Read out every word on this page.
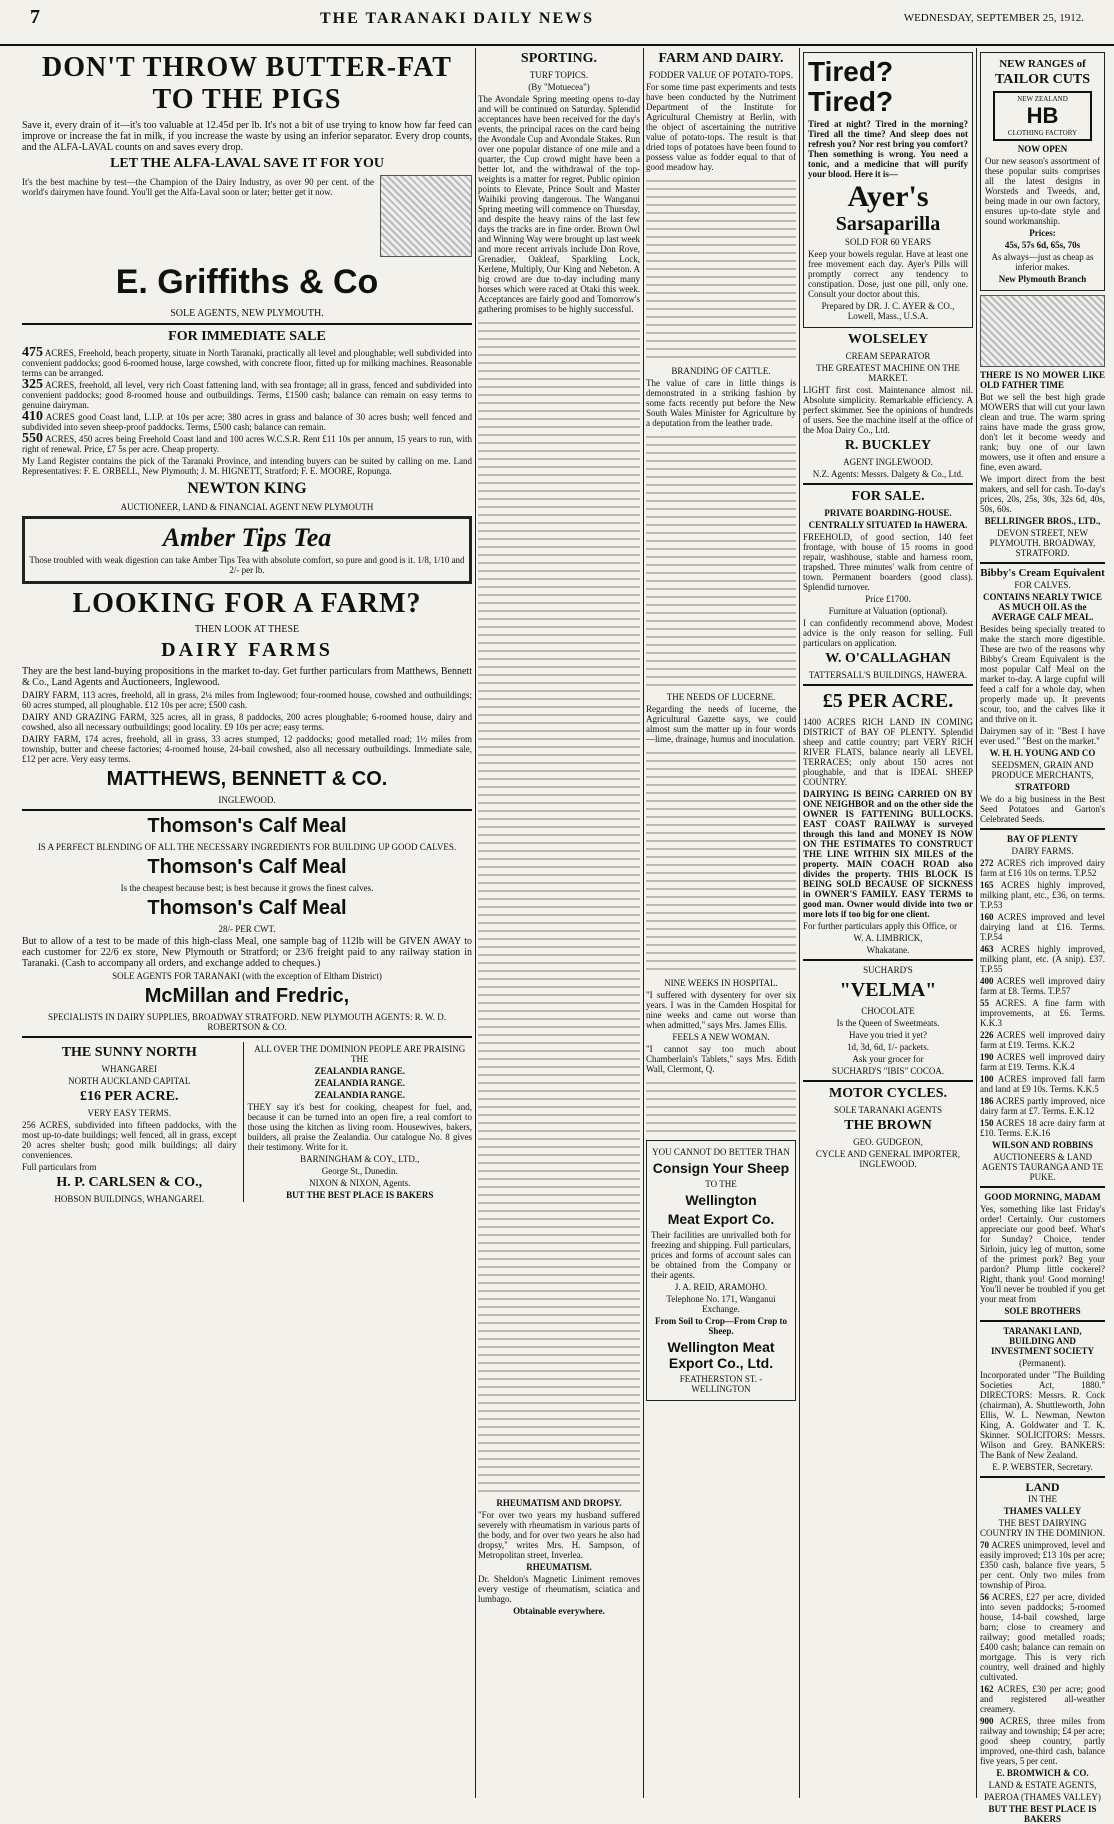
7	THE TARANAKI DAILY NEWS	WEDNESDAY, SEPTEMBER 25, 1912.
DON'T THROW BUTTER-FAT TO THE PIGS
Save it, every drain of it—it's too valuable at 12.45d per lb. It's not a bit of use trying to know how far feed can improve or increase the fat in milk, if you increase the waste by using an inferior separator. Every drop counts, and the ALFA-LAVAL counts on and saves every drop.
LET THE ALFA-LAVAL SAVE IT FOR YOU
It's the best machine by test—the Champion of the Dairy Industry, as over 90 per cent. of the world's dairymen have found. You'll get the Alfa-Laval soon or later; better get it now.
E. Griffiths & Co
SOLE AGENTS, NEW PLYMOUTH.
FOR IMMEDIATE SALE
475 ACRES, Freehold, beach property, situate in North Taranaki, practically all level and ploughable; well subdivided into convenient paddocks; good 6-roomed house, large cowshed, with concrete floor, fitted up for milking machines. Reasonable terms can be arranged.
325 ACRES, freehold, all level, very rich Coast fattening land, with sea frontage; all in grass, fenced and subdivided into convenient paddocks; good 8-roomed house and outbuildings. Terms, £1500 cash; balance can remain on easy terms to genuine dairyman.
410 ACRES good Coast land, L.I.P. at 10s per acre; 380 acres in grass and balance of 30 acres bush; well fenced and subdivided into seven sheep-proof paddocks. Terms, £500 cash; balance can remain.
550 ACRES, 450 acres being Freehold Coast land and 100 acres W.C.S.R. Rent £11 10s per annum, 15 years to run, with right of renewal. Price, £7 5s per acre. Cheap property.
My Land Register contains the pick of the Taranaki Province, and intending buyers can be suited by calling on me. Land Representatives: F. E. ORBELL, New Plymouth; J. M. HIGNETT, Stratford; F. E. MOORE, Ropunga.
NEWTON KING
AUCTIONEER, LAND & FINANCIAL AGENT NEW PLYMOUTH
Amber Tips Tea
Those troubled with weak digestion can take Amber Tips Tea with absolute comfort, so pure and good is it. 1/8, 1/10 and 2/- per lb.
LOOKING FOR A FARM?
THEN LOOK AT THESE
DAIRY FARMS
They are the best land-buying propositions in the market to-day. Get further particulars from Matthews, Bennett & Co., Land Agents and Auctioneers, Inglewood.
DAIRY FARM, 113 acres, freehold, all in grass, 2¼ miles from Inglewood; four-roomed house, cowshed and outbuildings; 60 acres stumped, all ploughable. £12 10s per acre; £500 cash.
DAIRY AND GRAZING FARM, 325 acres, all in grass, 8 paddocks, 200 acres ploughable; 6-roomed house, dairy and cowshed, also all necessary outbuildings; good locality. £9 10s per acre; easy terms.
DAIRY FARM, 174 acres, freehold, all in grass, 33 acres stumped, 12 paddocks; good metalled road; 1½ miles from township, butter and cheese factories; 4-roomed house, 24-bail cowshed, also all necessary outbuildings. Immediate sale, £12 per acre. Very easy terms.
MATTHEWS, BENNETT & CO.
INGLEWOOD.
Thomson's Calf Meal
IS A PERFECT BLENDING OF ALL THE NECESSARY INGREDIENTS FOR BUILDING UP GOOD CALVES.
Thomson's Calf Meal
Is the cheapest because best; is best because it grows the finest calves.
Thomson's Calf Meal
28/- PER CWT.
But to allow of a test to be made of this high-class Meal, one sample bag of 112lb will be GIVEN AWAY to each customer for 22/6 ex store, New Plymouth or Stratford; or 23/6 freight paid to any railway station in Taranaki. (Cash to accompany all orders, and exchange added to cheques.)
SOLE AGENTS FOR TARANAKI (with the exception of Eltham District)
McMillan and Fredric,
SPECIALISTS IN DAIRY SUPPLIES, BROADWAY STRATFORD. NEW PLYMOUTH AGENTS: R. W. D. ROBERTSON & CO.
THE SUNNY NORTH
WHANGAREI
NORTH AUCKLAND CAPITAL
£16 PER ACRE.
VERY EASY TERMS.
256 ACRES, subdivided into fifteen paddocks, with the most up-to-date buildings; well fenced, all in grass, except 20 acres shelter bush; good milk buildings; all dairy conveniences.
Full particulars from
H. P. CARLSEN & CO.,
HOBSON BUILDINGS, WHANGAREI.
ALL OVER THE DOMINION PEOPLE ARE PRAISING THE
ZEALANDIA RANGE.
ZEALANDIA RANGE.
ZEALANDIA RANGE.
THEY say it's best for cooking, cheapest for fuel, and, because it can be turned into an open fire, a real comfort to those using the kitchen as living room. Housewives, bakers, builders, all praise the Zealandia. Our catalogue No. 8 gives their testimony. Write for it.
BARNINGHAM & COY., LTD.,
George St., Dunedin.
NIXON & NIXON, Agents.
BUT THE BEST PLACE IS BAKERS
SPORTING.
TURF TOPICS.
(By "Motuecea")
The Avondale Spring meeting opens to-day and will be continued on Saturday. Splendid acceptances have been received for the day's events, the principal races on the card being the Avondale Cup and Avondale Stakes. Run over one popular distance of one mile and a quarter, the Cup crowd might have been a better lot, and the withdrawal of the top-weights is a matter for regret. Public opinion points to Elevate, Prince Soult and Master Waihiki proving dangerous. The Wanganui Spring meeting will commence on Thursday, and despite the heavy rains of the last few days the tracks are in fine order. Brown Owl and Winning Way were brought up last week and more recent arrivals include Don Rove, Grenadier, Oakleaf, Sparkling Lock, Kerlene, Multiply, Our King and Nebeton. A big crowd are due to-day including many horses which were raced at Otaki this week. Acceptances are fairly good and Tomorrow's gathering promises to be highly successful.
RHEUMATISM AND DROPSY.
"For over two years my husband suffered severely with rheumatism in various parts of the body, and for over two years he also had dropsy," writes Mrs. H. Sampson, of Metropolitan street, Inverlea.
RHEUMATISM.
Dr. Sheldon's Magnetic Liniment removes every vestige of rheumatism, sciatica and lumbago.
Obtainable everywhere.
FARM AND DAIRY.
FODDER VALUE OF POTATO-TOPS.
For some time past experiments and tests have been conducted by the Nutriment Department of the Institute for Agricultural Chemistry at Berlin, with the object of ascertaining the nutritive value of potato-tops. The result is that dried tops of potatoes have been found to possess value as fodder equal to that of good meadow hay.
BRANDING OF CATTLE.
The value of care in little things is demonstrated in a striking fashion by some facts recently put before the New South Wales Minister for Agriculture by a deputation from the leather trade.
THE NEEDS OF LUCERNE.
Regarding the needs of lucerne, the Agricultural Gazette says, we could almost sum the matter up in four words—lime, drainage, humus and inoculation.
NINE WEEKS IN HOSPITAL.
"I suffered with dysentery for over six years. I was in the Camden Hospital for nine weeks and came out worse than when admitted," says Mrs. James Ellis.
FEELS A NEW WOMAN.
"I cannot say too much about Chamberlain's Tablets," says Mrs. Edith Wall, Clermont, Q.
YOU CANNOT DO BETTER THAN
Consign Your Sheep
TO THE
Wellington
Meat Export Co.
Their facilities are unrivalled both for freezing and shipping. Full particulars, prices and forms of account sales can be obtained from the Company or their agents.
J. A. REID, ARAMOHO.
Telephone No. 171, Wanganui Exchange.
From Soil to Crop—From Crop to Sheep.
Wellington Meat Export Co., Ltd.
FEATHERSTON ST. - WELLINGTON
Tired?
Tired?
Tired at night? Tired in the morning? Tired all the time? And sleep does not refresh you? Nor rest bring you comfort? Then something is wrong. You need a tonic, and a medicine that will purify your blood. Here it is—
Ayer's
Sarsaparilla
SOLD FOR 60 YEARS
Keep your bowels regular. Have at least one free movement each day. Ayer's Pills will promptly correct any tendency to constipation. Dose, just one pill, only one. Consult your doctor about this.
Prepared by DR. J. C. AYER & CO., Lowell, Mass., U.S.A.
WOLSELEY
CREAM SEPARATOR
THE GREATEST MACHINE ON THE MARKET.
LIGHT first cost. Maintenance almost nil. Absolute simplicity. Remarkable efficiency. A perfect skimmer. See the opinions of hundreds of users. See the machine itself at the office of the Moa Dairy Co., Ltd.
R. BUCKLEY
AGENT INGLEWOOD.
N.Z. Agents: Messrs. Dalgety & Co., Ltd.
FOR SALE.
PRIVATE BOARDING-HOUSE.
CENTRALLY SITUATED In HAWERA.
FREEHOLD, of good section, 140 feet frontage, with house of 15 rooms in good repair, washhouse, stable and harness room, trapshed. Three minutes' walk from centre of town. Permanent boarders (good class). Splendid turnover.
Price £1700.
Furniture at Valuation (optional).
I can confidently recommend above, Modest advice is the only reason for selling. Full particulars on application.
W. O'CALLAGHAN
TATTERSALL'S BUILDINGS, HAWERA.
£5 PER ACRE.
1400 ACRES RICH LAND IN COMING DISTRICT of BAY OF PLENTY. Splendid sheep and cattle country; part VERY RICH RIVER FLATS, balance nearly all LEVEL TERRACES; only about 150 acres not ploughable, and that is IDEAL SHEEP COUNTRY.
DAIRYING IS BEING CARRIED ON BY ONE NEIGHBOR and on the other side the OWNER IS FATTENING BULLOCKS. EAST COAST RAILWAY is surveyed through this land and MONEY IS NOW ON THE ESTIMATES TO CONSTRUCT THE LINE WITHIN SIX MILES of the property. MAIN COACH ROAD also divides the property. THIS BLOCK IS BEING SOLD BECAUSE OF SICKNESS in OWNER'S FAMILY. EASY TERMS to good man. Owner would divide into two or more lots if too big for one client.
For further particulars apply this Office, or
W. A. LIMBRICK,
Whakatane.
SUCHARD'S
"VELMA"
CHOCOLATE
Is the Queen of Sweetmeats.
Have you tried it yet?
1d, 3d, 6d, 1/- packets.
Ask your grocer for
SUCHARD'S "IBIS" COCOA.
MOTOR CYCLES.
SOLE TARANAKI AGENTS
THE BROWN
GEO. GUDGEON,
CYCLE AND GENERAL IMPORTER, INGLEWOOD.
NEW RANGES of
TAILOR CUTS
NEW ZEALAND
HB
CLOTHING FACTORY
NOW OPEN
Our new season's assortment of these popular suits comprises all the latest designs in Worsteds and Tweeds, and, being made in our own factory, ensures up-to-date style and sound workmanship.
Prices:
45s, 57s 6d, 65s, 70s
As always—just as cheap as inferior makes.
New Plymouth Branch
THERE IS NO MOWER LIKE OLD FATHER TIME
But we sell the best high grade MOWERS that will cut your lawn clean and true. The warm spring rains have made the grass grow, don't let it become weedy and rank; buy one of our lawn mowers, use it often and ensure a fine, even award.
We import direct from the best makers, and sell for cash. To-day's prices, 20s, 25s, 30s, 32s 6d, 40s, 50s, 60s.
BELLRINGER BROS., LTD.,
DEVON STREET, NEW PLYMOUTH. BROADWAY, STRATFORD.
Bibby's Cream Equivalent
FOR CALVES.
CONTAINS NEARLY TWICE AS MUCH OIL AS the AVERAGE CALF MEAL.
Besides being specially treated to make the starch more digestible. These are two of the reasons why Bibby's Cream Equivalent is the most popular Calf Meal on the market to-day. A large cupful will feed a calf for a whole day, when properly made up. It prevents scour, too, and the calves like it and thrive on it.
Dairymen say of it: "Best I have ever used." "Best on the market."
W. H. H. YOUNG AND CO
SEEDSMEN, GRAIN AND PRODUCE MERCHANTS,
STRATFORD
We do a big business in the Best Seed Potatoes and Garton's Celebrated Seeds.
BAY OF PLENTY
DAIRY FARMS.
272 ACRES rich improved dairy farm at £16 10s on terms. T.P.52
165 ACRES highly improved, milking plant, etc., £36, on terms. T.P.53
160 ACRES improved and level dairying land at £16. Terms. T.P.54
463 ACRES highly improved, milking plant, etc. (A snip). £37. T.P.55
400 ACRES well improved dairy farm at £8. Terms. T.P.57
55 ACRES. A fine farm with improvements, at £6. Terms. K.K.3
226 ACRES well improved dairy farm at £19. Terms. K.K.2
190 ACRES well improved dairy farm at £19. Terms. K.K.4
100 ACRES improved fall farm and land at £9 10s. Terms. K.K.5
186 ACRES partly improved, nice dairy farm at £7. Terms. E.K.12
150 ACRES 18 acre dairy farm at £10. Terms. E.K.16
WILSON AND ROBBINS
AUCTIONEERS & LAND AGENTS TAURANGA AND TE PUKE.
GOOD MORNING, MADAM
Yes, something like last Friday's order! Certainly. Our customers appreciate our good beef. What's for Sunday? Choice, tender Sirloin, juicy leg of mutton, some of the primest pork? Beg your pardon? Plump little cockerel? Right, thank you! Good morning! You'll never be troubled if you get your meat from
SOLE BROTHERS
TARANAKI LAND, BUILDING AND INVESTMENT SOCIETY
(Permanent).
Incorporated under "The Building Societies Act, 1880." DIRECTORS: Messrs. R. Cock (chairman), A. Shuttleworth, John Ellis, W. L. Newman, Newton King, A. Goldwater and T. K. Skinner. SOLICITORS: Messrs. Wilson and Grey. BANKERS: The Bank of New Zealand.
E. P. WEBSTER, Secretary.
LAND
IN THE
THAMES VALLEY
THE BEST DAIRYING COUNTRY IN THE DOMINION.
70 ACRES unimproved, level and easily improved; £13 10s per acre; £350 cash, balance five years, 5 per cent. Only two miles from township of Piroa.
56 ACRES, £27 per acre, divided into seven paddocks; 5-roomed house, 14-bail cowshed, large barn; close to creamery and railway; good metalled roads; £400 cash; balance can remain on mortgage. This is very rich country, well drained and highly cultivated.
162 ACRES, £30 per acre; good and registered all-weather creamery.
900 ACRES, three miles from railway and township; £4 per acre; good sheep country, partly improved, one-third cash, balance five years, 5 per cent.
E. BROMWICH & CO.
LAND & ESTATE AGENTS,
PAEROA (THAMES VALLEY)
BUT THE BEST PLACE IS BAKERS
